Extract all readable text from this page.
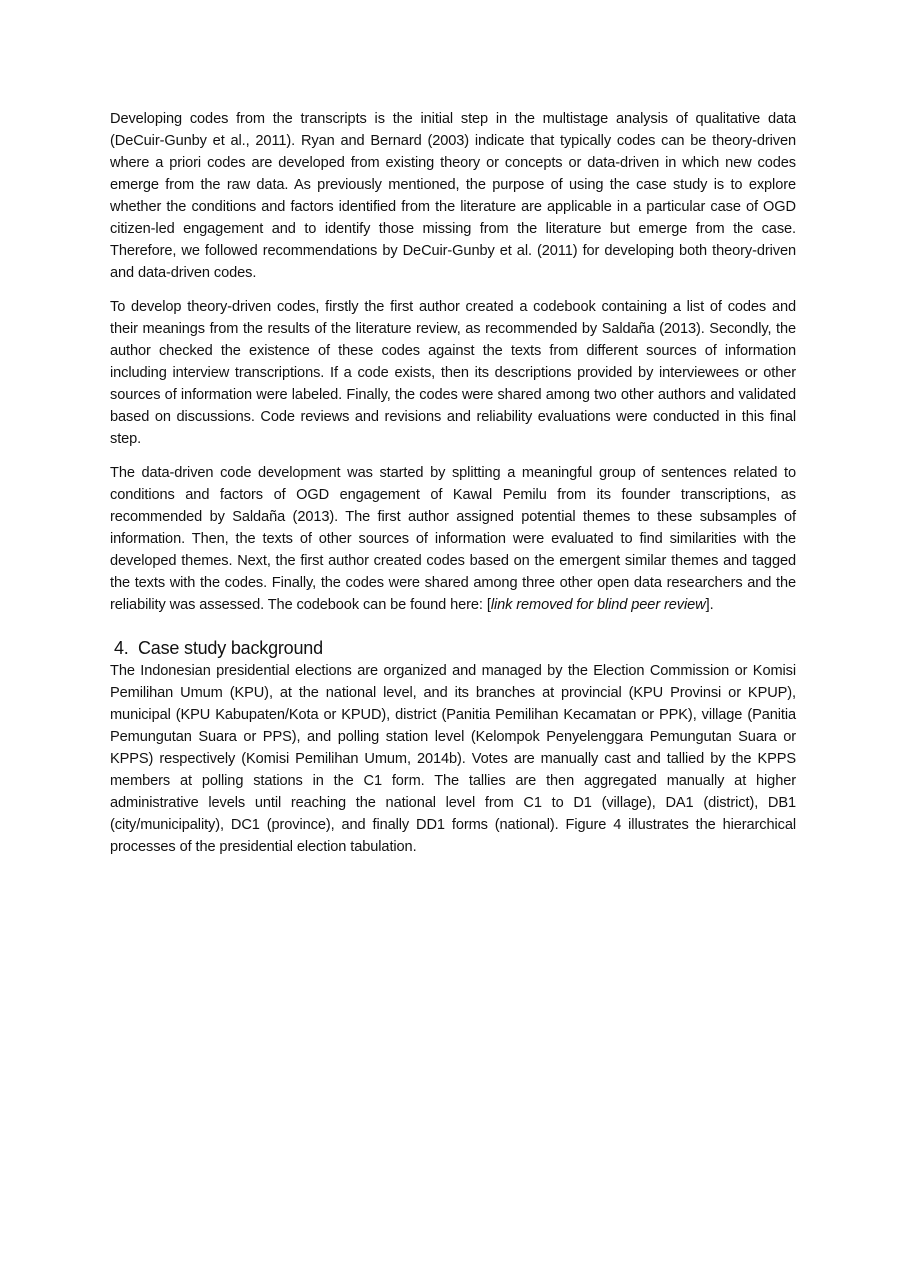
Developing codes from the transcripts is the initial step in the multistage analysis of qualitative data (DeCuir-Gunby et al., 2011). Ryan and Bernard (2003) indicate that typically codes can be theory-driven where a priori codes are developed from existing theory or concepts or data-driven in which new codes emerge from the raw data. As previously mentioned, the purpose of using the case study is to explore whether the conditions and factors identified from the literature are applicable in a particular case of OGD citizen-led engagement and to identify those missing from the literature but emerge from the case. Therefore, we followed recommendations by DeCuir-Gunby et al. (2011) for developing both theory-driven and data-driven codes.

To develop theory-driven codes, firstly the first author created a codebook containing a list of codes and their meanings from the results of the literature review, as recommended by Saldaña (2013). Secondly, the author checked the existence of these codes against the texts from different sources of information including interview transcriptions. If a code exists, then its descriptions provided by interviewees or other sources of information were labeled. Finally, the codes were shared among two other authors and validated based on discussions. Code reviews and revisions and reliability evaluations were conducted in this final step.

The data-driven code development was started by splitting a meaningful group of sentences related to conditions and factors of OGD engagement of Kawal Pemilu from its founder transcriptions, as recommended by Saldaña (2013). The first author assigned potential themes to these subsamples of information. Then, the texts of other sources of information were evaluated to find similarities with the developed themes. Next, the first author created codes based on the emergent similar themes and tagged the texts with the codes. Finally, the codes were shared among three other open data researchers and the reliability was assessed. The codebook can be found here: [link removed for blind peer review].

4. Case study background

The Indonesian presidential elections are organized and managed by the Election Commission or Komisi Pemilihan Umum (KPU), at the national level, and its branches at provincial (KPU Provinsi or KPUP), municipal (KPU Kabupaten/Kota or KPUD), district (Panitia Pemilihan Kecamatan or PPK), village (Panitia Pemungutan Suara or PPS), and polling station level (Kelompok Penyelenggara Pemungutan Suara or KPPS) respectively (Komisi Pemilihan Umum, 2014b). Votes are manually cast and tallied by the KPPS members at polling stations in the C1 form. The tallies are then aggregated manually at higher administrative levels until reaching the national level from C1 to D1 (village), DA1 (district), DB1 (city/municipality), DC1 (province), and finally DD1 forms (national). Figure 4 illustrates the hierarchical processes of the presidential election tabulation.
